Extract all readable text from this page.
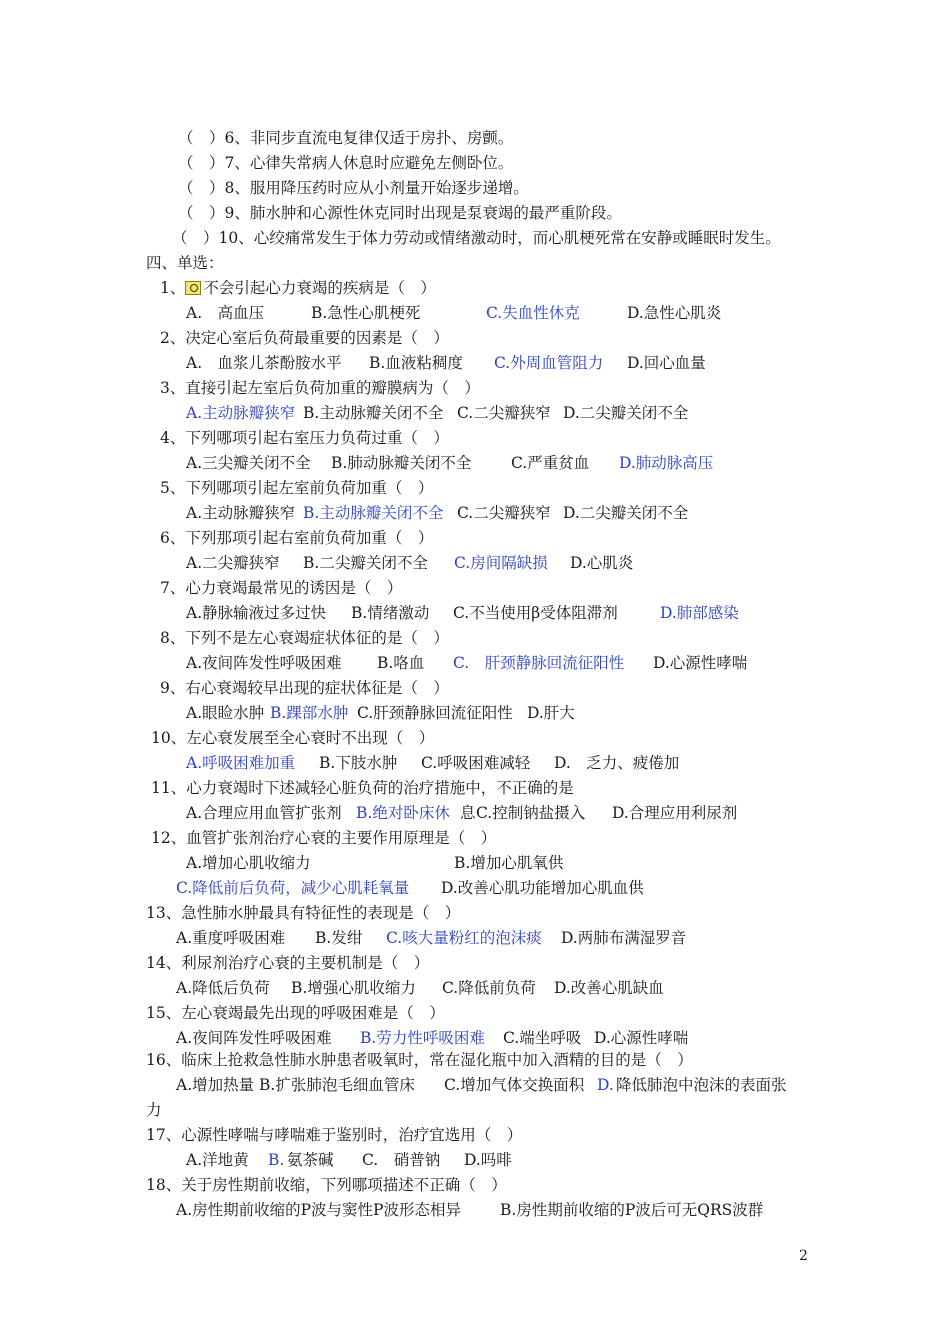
（　）6、非同步直流电复律仅适于房扑、房颤。
（　）7、心律失常病人休息时应避免左侧卧位。
（　）8、服用降压药时应从小剂量开始逐步递增。
（　）9、肺水肿和心源性休克同时出现是泵衰竭的最严重阶段。
（　）10、心绞痛常发生于体力劳动或情绪激动时，而心肌梗死常在安静或睡眠时发生。
四、单选：
1、 不会引起心力衰竭的疾病是（　）
A.　高血压	B.急性心肌梗死	C.失血性休克	D.急性心肌炎
2、决定心室后负荷最重要的因素是（　）
A.　血浆儿茶酚胺水平 B.血液粘稠度 C.外周血管阻力 D.回心血量
3、直接引起左室后负荷加重的瓣膜病为（　）
A.主动脉瓣狭窄 B.主动脉瓣关闭不全 C.二尖瓣狭窄 D.二尖瓣关闭不全
4、下列哪项引起右室压力负荷过重（　）
A.三尖瓣关闭不全 B.肺动脉瓣关闭不全	C.严重贫血 D.肺动脉高压
5、下列哪项引起左室前负荷加重（　）
A.主动脉瓣狭窄 B.主动脉瓣关闭不全 C.二尖瓣狭窄 D.二尖瓣关闭不全
6、下列那项引起右室前负荷加重（　）
A.二尖瓣狭窄 B.二尖瓣关闭不全 C.房间隔缺损 D.心肌炎
7、心力衰竭最常见的诱因是（　）
A.静脉输液过多过快 B.情绪激动 C.不当使用β受体阻滞剂	D.肺部感染
8、下列不是左心衰竭症状体征的是（　）
A.夜间阵发性呼吸困难 B.咯血 C.　肝颈静脉回流征阳性 D.心源性哮喘
9、右心衰竭较早出现的症状体征是（　）
A.眼睑水肿 B.踝部水肿 C.肝颈静脉回流征阳性 D.肝大
10、左心衰发展至全心衰时不出现（　）
A.呼吸困难加重 B.下肢水肿 C.呼吸困难减轻 D.　乏力、疲倦加
11、心力衰竭时下述减轻心脏负荷的治疗措施中，不正确的是
A.合理应用血管扩张剂 B.绝对卧床休 息 C.控制钠盐摄入 D.合理应用利尿剂
12、血管扩张剂治疗心衰的主要作用原理是（　）
A.增加心肌收缩力	B.增加心肌氧供
C.降低前后负荷，减少心肌耗氧量 D.改善心肌功能增加心肌血供
13、急性肺水肿最具有特征性的表现是（　）
A.重度呼吸困难 B.发绀 C.咳大量粉红的泡沫痰 D.两肺布满湿罗音
14、利尿剂治疗心衰的主要机制是（　）
A.降低后负荷 B.增强心肌收缩力 C.降低前负荷 D.改善心肌缺血
15、左心衰竭最先出现的呼吸困难是（　）
A.夜间阵发性呼吸困难 B.劳力性呼吸困难 C.端坐呼吸 D.心源性哮喘
16、临床上抢救急性肺水肿患者吸氧时，常在湿化瓶中加入酒精的目的是（　）
A.增加热量 B.扩张肺泡毛细血管床 C.增加气体交换面积 D. 降低肺泡中泡沫的表面张
力
17、心源性哮喘与哮喘难于鉴别时，治疗宜选用（　）
A.洋地黄 B. 氨茶碱 C.　硝普钠 D.吗啡
18、关于房性期前收缩，下列哪项描述不正确（　）
A.房性期前收缩的P波与窦性P波形态相异	B.房性期前收缩的P波后可无QRS波群
2
